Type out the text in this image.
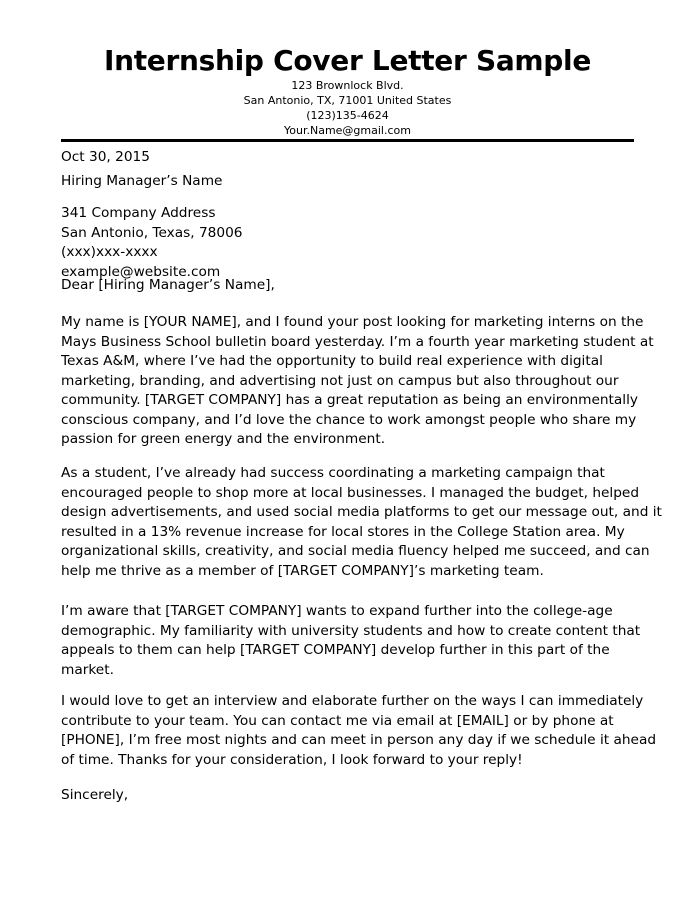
Internship Cover Letter Sample
123 Brownlock Blvd.
San Antonio, TX, 71001 United States
(123)135-4624
Your.Name@gmail.com
Oct 30, 2015
Hiring Manager’s Name
341 Company Address
San Antonio, Texas, 78006
(xxx)xxx-xxxx
example@website.com
Dear [Hiring Manager’s Name],
My name is [YOUR NAME], and I found your post looking for marketing interns on the
Mays Business School bulletin board yesterday. I’m a fourth year marketing student at
Texas A&M, where I’ve had the opportunity to build real experience with digital
marketing, branding, and advertising not just on campus but also throughout our
community. [TARGET COMPANY] has a great reputation as being an environmentally
conscious company, and I’d love the chance to work amongst people who share my
passion for green energy and the environment.
As a student, I’ve already had success coordinating a marketing campaign that
encouraged people to shop more at local businesses. I managed the budget, helped
design advertisements, and used social media platforms to get our message out, and it
resulted in a 13% revenue increase for local stores in the College Station area. My
organizational skills, creativity, and social media fluency helped me succeed, and can
help me thrive as a member of [TARGET COMPANY]’s marketing team.
I’m aware that [TARGET COMPANY] wants to expand further into the college-age
demographic. My familiarity with university students and how to create content that
appeals to them can help [TARGET COMPANY] develop further in this part of the
market.
I would love to get an interview and elaborate further on the ways I can immediately
contribute to your team. You can contact me via email at [EMAIL] or by phone at
[PHONE], I’m free most nights and can meet in person any day if we schedule it ahead
of time. Thanks for your consideration, I look forward to your reply!
Sincerely,
